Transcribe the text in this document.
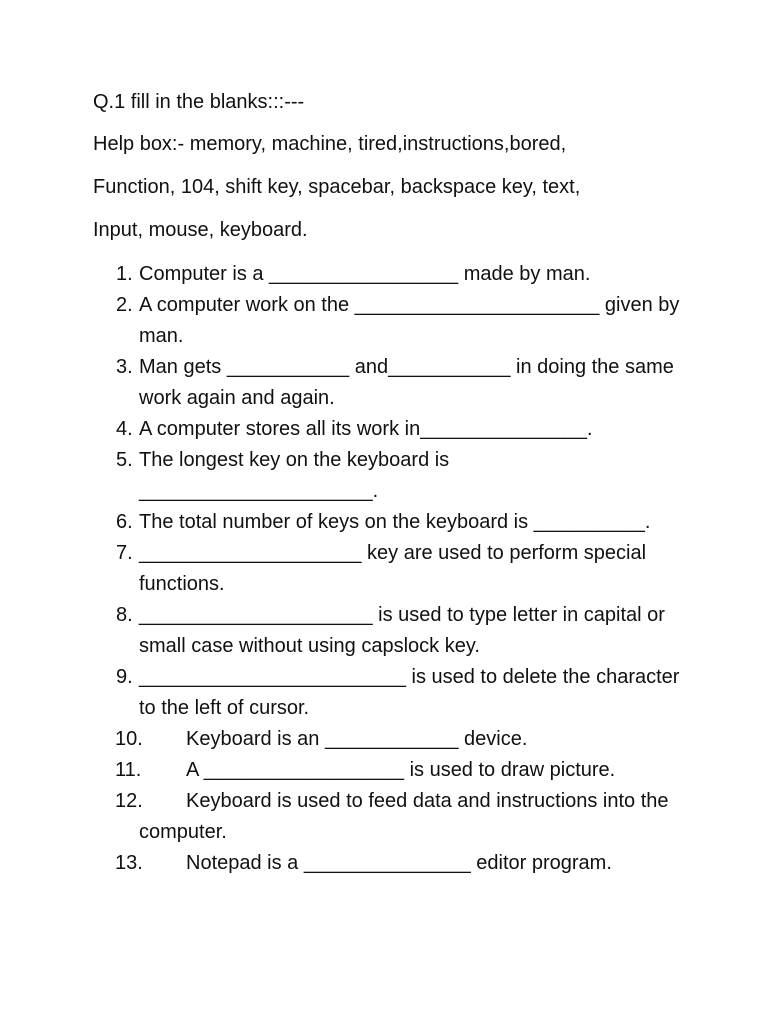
Q.1 fill in the blanks:::---
Help box:- memory, machine, tired,instructions,bored,
Function, 104, shift key, spacebar, backspace key, text,
Input, mouse, keyboard.
1. Computer is a _________________ made by man.
2. A computer work on the ______________________ given by man.
3. Man gets ___________ and___________ in doing the same work again and again.
4. A computer stores all its work in_______________.
5. The longest key on the keyboard is _____________________.
6. The total number of keys on the keyboard is __________.
7. ____________________ key are used to perform special functions.
8. _____________________ is used to type letter in capital or small case without using capslock key.
9. ________________________ is used to delete the character to the left of cursor.
10.	Keyboard is an ____________ device.
11.	A __________________ is used to draw picture.
12.	Keyboard is used to feed data and instructions into the computer.
13.	Notepad is a _______________ editor program.
